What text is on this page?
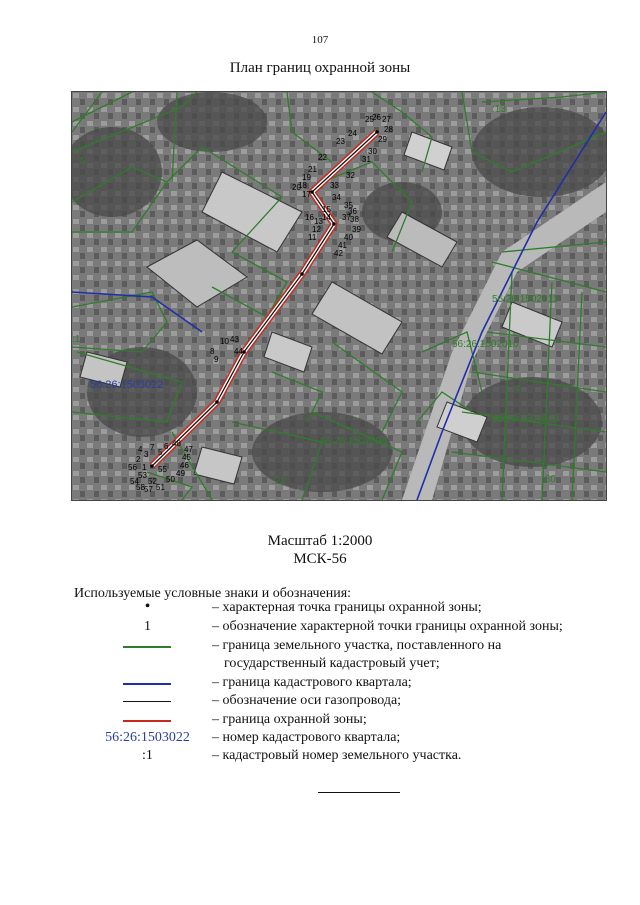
107
План границ охранной зоны
1
2
3
4 5
6
7
8
9
10
11
12
13 14
15
16
17
18
19
20
21
22
23
24
25
26 27
28
29
30
31
32
33
34
35
36
37 38
39
40
41
42
43
44
45
46
47
48
49
50
51
52
53
54
55
56
57
58
56:26:1502011
56:26:1502010
56:26:1503022
56:26:1502009
56:26:1503023
:1
:5
:13
:22	:30
:4
Масштаб 1:2000
МСК-56
Используемые условные знаки и обозначения:
•	– характерная точка границы охранной зоны;
1	– обозначение характерной точки границы охранной зоны;
– граница земельного участка, поставленного на
государственный кадастровый учет;
– граница кадастрового квартала;
– обозначение оси газопровода;
– граница охранной зоны;
56:26:1503022	– номер кадастрового квартала;
:1	– кадастровый номер земельного участка.
